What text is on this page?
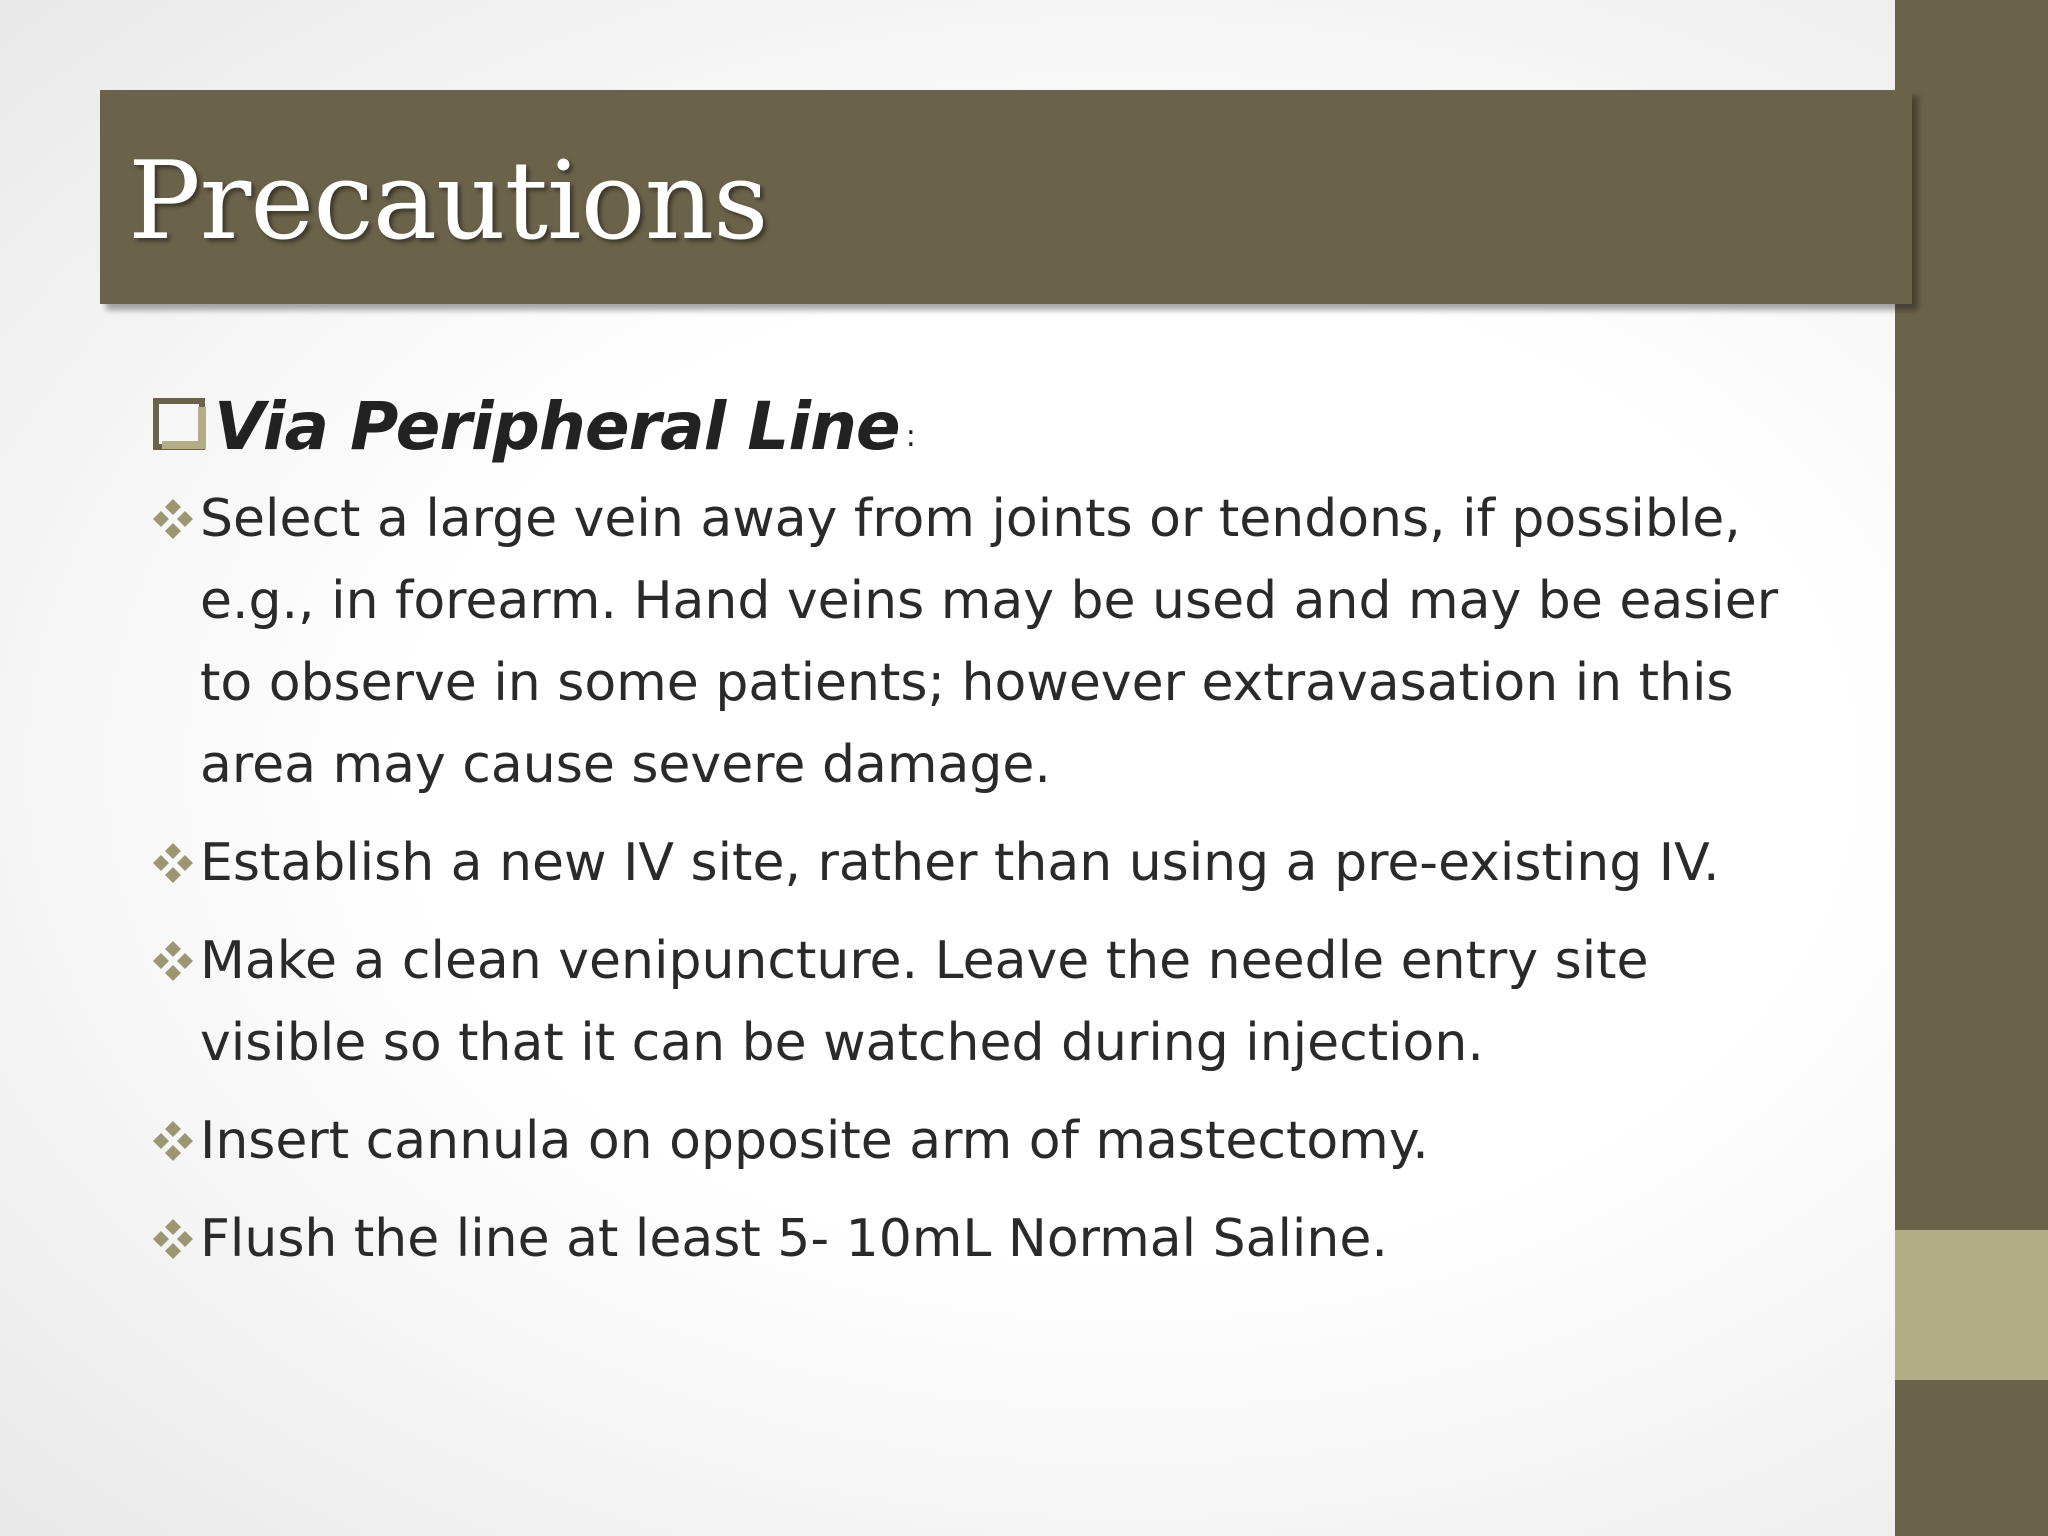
Precautions
Via Peripheral Line :
Select a large vein away from joints or tendons, if possible, e.g., in forearm. Hand veins may be used and may be easier to observe in some patients; however extravasation in this area may cause severe damage.
Establish a new IV site, rather than using a pre-existing IV.
Make a clean venipuncture. Leave the needle entry site visible so that it can be watched during injection.
Insert cannula on opposite arm of mastectomy.
Flush the line at least 5- 10mL Normal Saline.
